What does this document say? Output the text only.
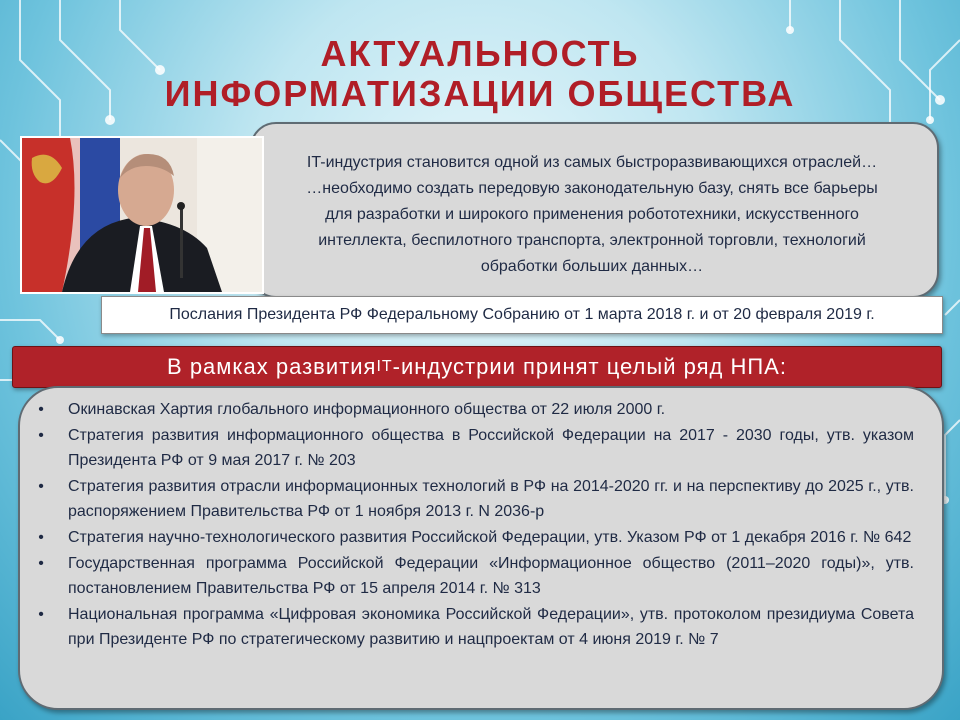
АКТУАЛЬНОСТЬ
ИНФОРМАТИЗАЦИИ ОБЩЕСТВА
IT-индустрия становится одной из самых быстроразвивающихся отраслей…
…необходимо создать передовую законодательную базу, снять все барьеры
для разработки и широкого применения робототехники, искусственного
интеллекта, беспилотного транспорта, электронной торговли, технологий
обработки больших данных…
Послания Президента РФ Федеральному Собранию от 1 марта 2018 г. и от 20 февраля 2019 г.
В рамках развития IT -индустрии принят целый ряд НПА:
• Окинавская Хартия глобального информационного общества от 22 июля 2000 г.
• Стратегия развития информационного общества в Российской Федерации на 2017 - 2030 годы, утв. указом Президента РФ от 9 мая 2017 г. № 203
• Стратегия развития отрасли информационных технологий в РФ на 2014-2020 гг. и на перспективу до 2025 г., утв. распоряжением Правительства РФ от 1 ноября 2013 г. N 2036-р
• Стратегия научно-технологического развития Российской Федерации, утв. Указом РФ от 1 декабря 2016 г. № 642
• Государственная программа Российской Федерации «Информационное общество (2011–2020 годы)», утв. постановлением Правительства РФ от 15 апреля 2014 г. № 313
• Национальная программа «Цифровая экономика Российской Федерации», утв. протоколом президиума Совета при Президенте РФ по стратегическому развитию и нацпроектам от 4 июня 2019 г. № 7
